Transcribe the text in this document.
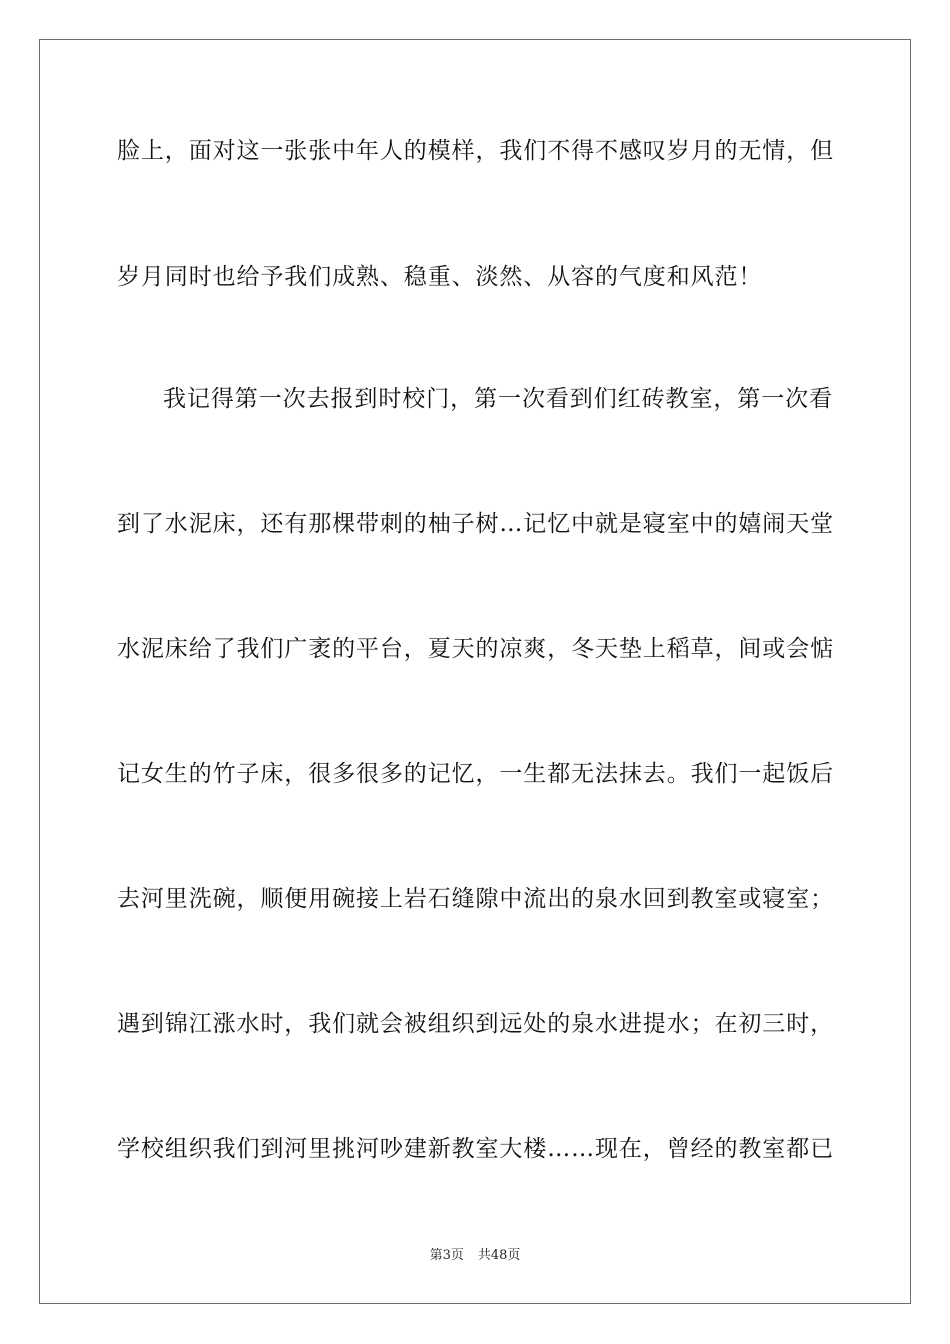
脸上，面对这一张张中年人的模样，我们不得不感叹岁月的无情，但
岁月同时也给予我们成熟、稳重、淡然、从容的气度和风范！
我记得第一次去报到时校门，第一次看到们红砖教室，第一次看
到了水泥床，还有那棵带刺的柚子树…记忆中就是寝室中的嬉闹天堂
水泥床给了我们广袤的平台，夏天的凉爽，冬天垫上稻草，间或会惦
记女生的竹子床，很多很多的记忆，一生都无法抹去。我们一起饭后
去河里洗碗，顺便用碗接上岩石缝隙中流出的泉水回到教室或寝室；
遇到锦江涨水时，我们就会被组织到远处的泉水进提水；在初三时，
学校组织我们到河里挑河吵建新教室大楼……现在，曾经的教室都已
第3页 共48页
